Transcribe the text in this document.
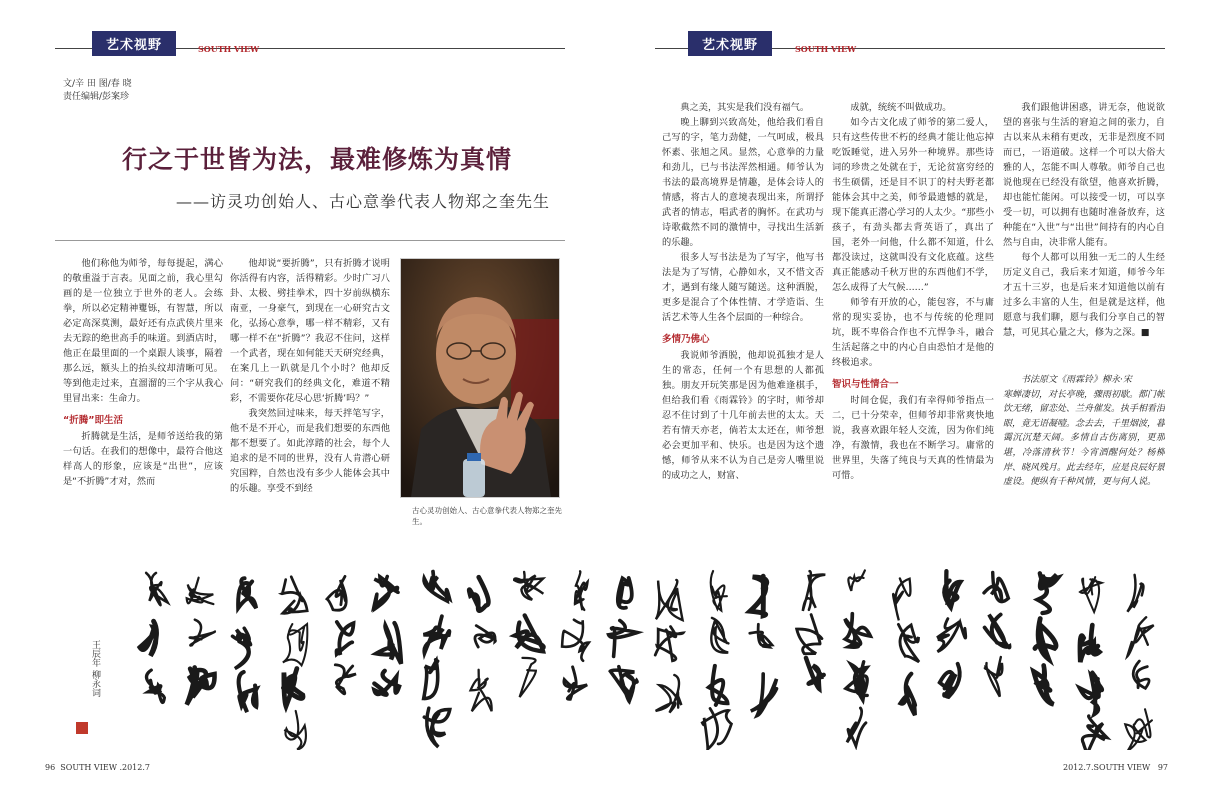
艺术视野	SOUTH VIEW	艺术视野	SOUTH VIEW
文/辛 田 图/春 晓
责任编辑/彭案珍
行之于世皆为法，最难修炼为真情
——访灵功创始人、古心意拳代表人物郑之奎先生

他们称他为师爷，每每提起，满心的敬重溢于言表。见面之前，我心里勾画的是一位独立于世外的老人。会练拳，所以必定精神矍铄，有智慧，所以必定高深莫测，最好还有点武侠片里来去无踪的绝世高手的味道。到酒店时，他正在最里面的一个桌跟人谈事，隔着那么远，额头上的抬头纹却清晰可见。等到他走过来，直溜溜的三个字从我心里冒出来：生命力。

“折腾”即生活

折腾就是生活，是师爷送给我的第一句话。在我们的想像中，最符合他这样高人的形象，应该是“出世”，应该是“不折腾”才对，然而

他却说“要折腾”，只有折腾才说明你活得有内容，活得精彩。少时广习八卦、太极、劈挂拳术，四十岁前纵横东南亚，一身豪气，到现在一心研究古文化，弘扬心意拳，哪一样不精彩，又有哪一样不在“折腾”？我忍不住问，这样一个武者，现在如何能天天研究经典，在案几上一趴就是几个小时？他却反问：“研究我们的经典文化，难道不精彩，不需要你花尽心思‘折腾’吗？”

我突然回过味来，每天拌笔写字，他不是不开心，而是我们想要的东西他都不想要了。如此淳踏的社会，每个人追求的是不同的世界，没有人肯潜心研究国粹，自然也没有多少人能体会其中的乐趣。享受不到经

古心灵功创始人、古心意拳代表人物郑之奎先生。

典之美，其实是我们没有福气。

晚上聊到兴致高处，他给我们看自己写的字，笔力劲健，一气呵成，极具怀素、张旭之风。显然，心意拳的力量和劲儿，已与书法浑然相通。师爷认为书法的最高境界是情趣，是体会诗人的情感，将古人的意境表现出来，所谓抒武者的情志，唱武者的胸怀。在武功与诗歌截然不同的激情中，寻找出生活新的乐趣。

很多人写书法是为了写字，他写书法是为了写情，心静如水，又不惜文否才，遇到有缘人随写随送。这种洒脱，更多是混合了个体性情、才学造诣、生活艺术等人生各个层面的一种综合。

多情乃佛心

我说师爷洒脱，他却说孤独才是人生的常态，任何一个有思想的人都孤独。朋友开玩笑那是因为他难逢棋手，但给我们看《雨霖铃》的字时，师爷却忍不住讨到了十几年前去世的太太。天若有情天亦老，倘若太太还在，师爷想必会更加平和、快乐。也是因为这个遗憾，师爷从来不认为自己是旁人嘴里说的成功之人，财富、

成就，统统不叫做成功。

如今古文化成了师爷的第二爱人，只有这些传世不朽的经典才能让他忘掉吃饭睡觉，进入另外一种境界。那些诗词的珍贵之处就在于，无论贫富穷经的书生硕儒，还是目不识丁的村夫野老都能体会其中之美，师爷最遗憾的就是，现下能真正潜心学习的人太少。“那些小孩子，有劲头都去背英语了，真出了国，老外一问他，什么都不知道，什么都没读过，这就叫没有文化底蕴。这些真正能感动千秋万世的东西他们不学，怎么成得了大气候……”

师爷有开放的心，能包容，不与庸常的现实妥协，也不与传统的伦理同坑，既不卑俗合作也不亢悍争斗，融合生活起落之中的内心自由恐怕才是他的终极追求。

智识与性情合一

时间仓促，我们有幸得师爷指点一二，已十分荣幸，但师爷却非常爽快地说，我喜欢跟年轻人交流，因为你们纯净，有激情，我也在不断学习。庸常的世界里，失落了纯良与天真的性情最为可惜。

我们跟他讲困惑，讲无奈，他说欲望的喜张与生活的窘迫之间的张力，自古以来从未稍有更改，无非是烈度不同而已，一语道破。这样一个可以大俗大雅的人，怎能不叫人尊敬。师爷自己也说他现在已经没有欲望，他喜欢折腾，却也能忙能闲。可以接受一切，可以享受一切，可以拥有也随时准备放弃，这种能在“入世”与“出世”间持有的内心自然与自由，决非常人能有。

每个人都可以用独一无二的人生经历定义自己，我后来才知道，师爷今年才五十三岁，也是后来才知道他以前有过多么丰富的人生，但是就是这样，他愿意与我们聊，愿与我们分享自己的智慧，可见其心量之大，修为之深。■

书法原文《雨霖铃》柳永·宋

寒蝉凄切，对长亭晚，骤雨初歇。都门帐饮无绪，留恋处、兰舟催发。执手相看泪眼，竟无语凝噎。念去去，千里烟波，暮霭沉沉楚天阔。多情自古伤离别，更那堪，冷落清秋节！今宵酒醒何处？杨柳岸、晓风残月。此去经年，应是良辰好景虚设。便纵有千种风情，更与何人说。

王辰年 柳永词
96 SOUTH VIEW .2012.7	2012.7.SOUTH VIEW 97
